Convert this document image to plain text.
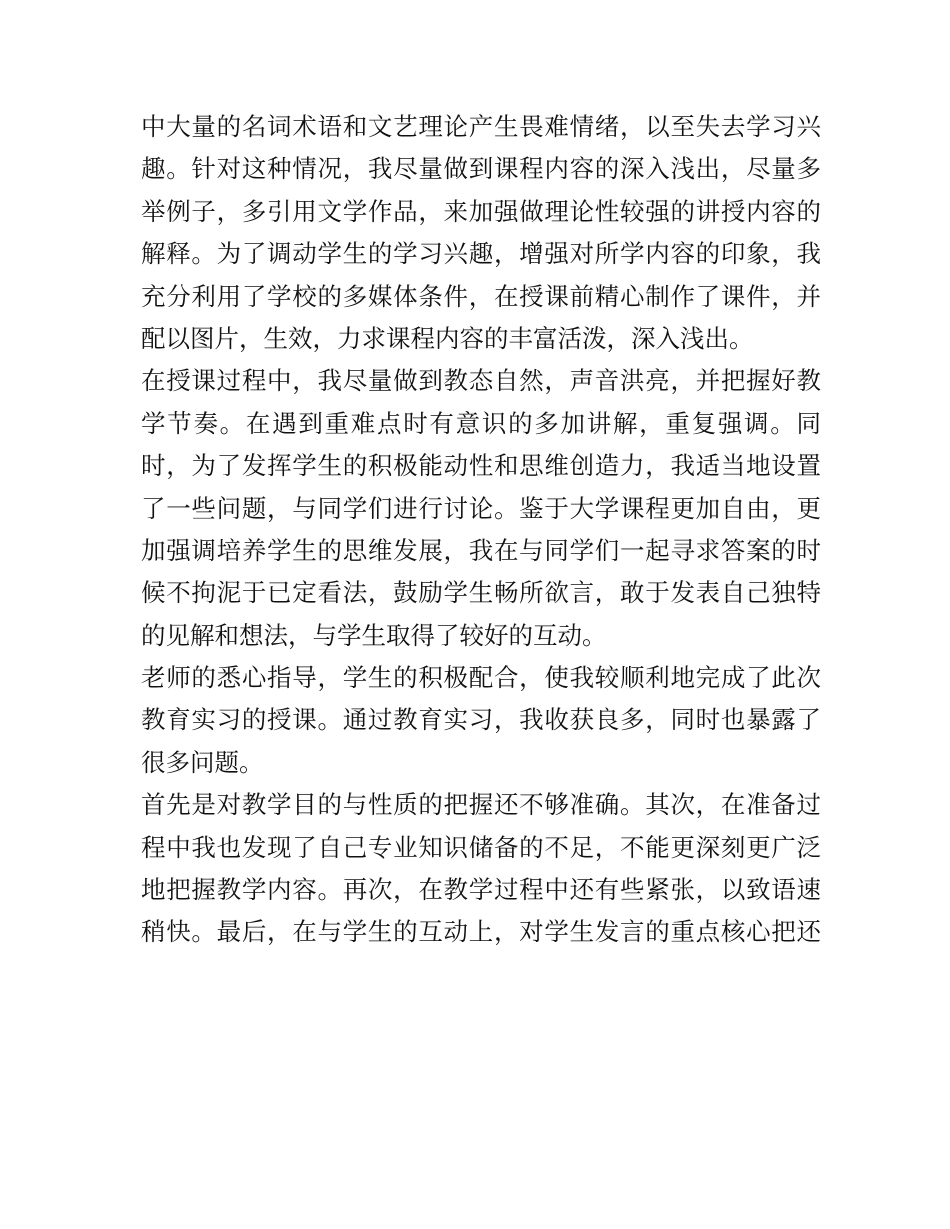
中大量的名词术语和文艺理论产生畏难情绪，以至失去学习兴
趣。针对这种情况，我尽量做到课程内容的深入浅出，尽量多
举例子，多引用文学作品，来加强做理论性较强的讲授内容的
解释。为了调动学生的学习兴趣，增强对所学内容的印象，我
充分利用了学校的多媒体条件，在授课前精心制作了课件，并
配以图片，生效，力求课程内容的丰富活泼，深入浅出。
在授课过程中，我尽量做到教态自然，声音洪亮，并把握好教
学节奏。在遇到重难点时有意识的多加讲解，重复强调。同
时，为了发挥学生的积极能动性和思维创造力，我适当地设置
了一些问题，与同学们进行讨论。鉴于大学课程更加自由，更
加强调培养学生的思维发展，我在与同学们一起寻求答案的时
候不拘泥于已定看法，鼓励学生畅所欲言，敢于发表自己独特
的见解和想法，与学生取得了较好的互动。
老师的悉心指导，学生的积极配合，使我较顺利地完成了此次
教育实习的授课。通过教育实习，我收获良多，同时也暴露了
很多问题。
首先是对教学目的与性质的把握还不够准确。其次，在准备过
程中我也发现了自己专业知识储备的不足，不能更深刻更广泛
地把握教学内容。再次，在教学过程中还有些紧张，以致语速
稍快。最后，在与学生的互动上，对学生发言的重点核心把还
